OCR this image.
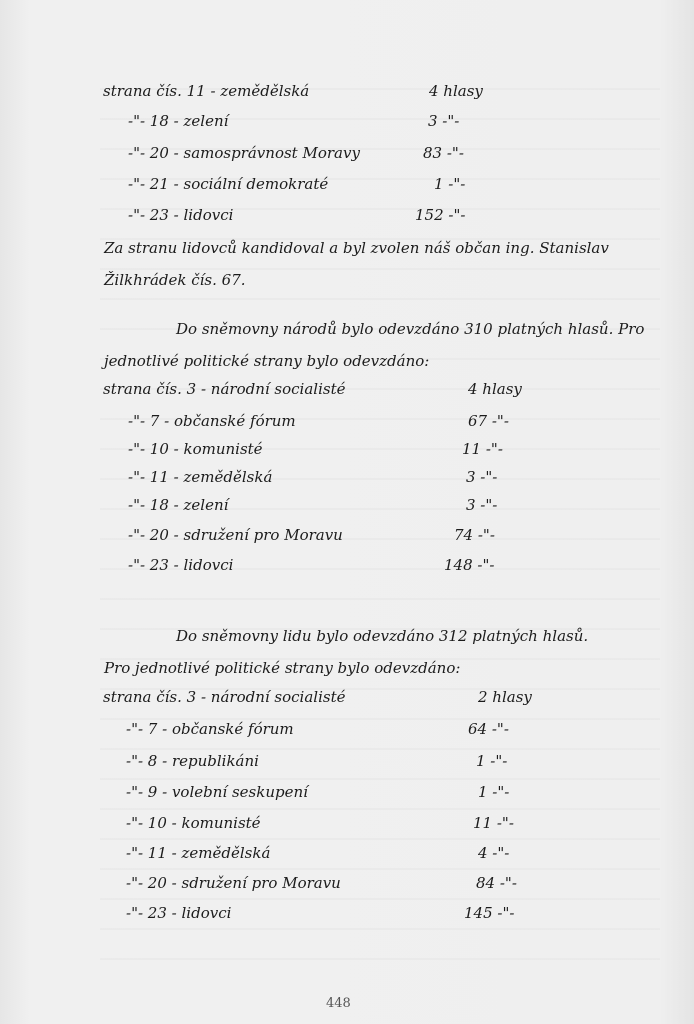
strana čís. 11 - zemědělská	4 hlasy
-"- 18 - zelení	3 -"-
-"- 20 - samosprávnost Moravy	83 -"-
-"- 21 - sociální demokraté	1 -"-
-"- 23 - lidovci	152 -"-
Za stranu lidovců kandidoval a byl zvolen náš občan ing. Stanislav
Žilkhrádek čís. 67.
Do sněmovny národů bylo odevzdáno 310 platných hlasů. Pro
jednotlivé politické strany bylo odevzdáno:
strana čís. 3 - národní socialisté	4 hlasy
-"- 7 - občanské fórum	67 -"-
-"- 10 - komunisté	11 -"-
-"- 11 - zemědělská	3 -"-
-"- 18 - zelení	3 -"-
-"- 20 - sdružení pro Moravu	74 -"-
-"- 23 - lidovci	148 -"-
Do sněmovny lidu bylo odevzdáno 312 platných hlasů.
Pro jednotlivé politické strany bylo odevzdáno:
strana čís. 3 - národní socialisté	2 hlasy
-"- 7 - občanské fórum	64 -"-
-"- 8 - republikáni	1 -"-
-"- 9 - volební seskupení	1 -"-
-"- 10 - komunisté	11 -"-
-"- 11 - zemědělská	4 -"-
-"- 20 - sdružení pro Moravu	84 -"-
-"- 23 - lidovci	145 -"-
448
